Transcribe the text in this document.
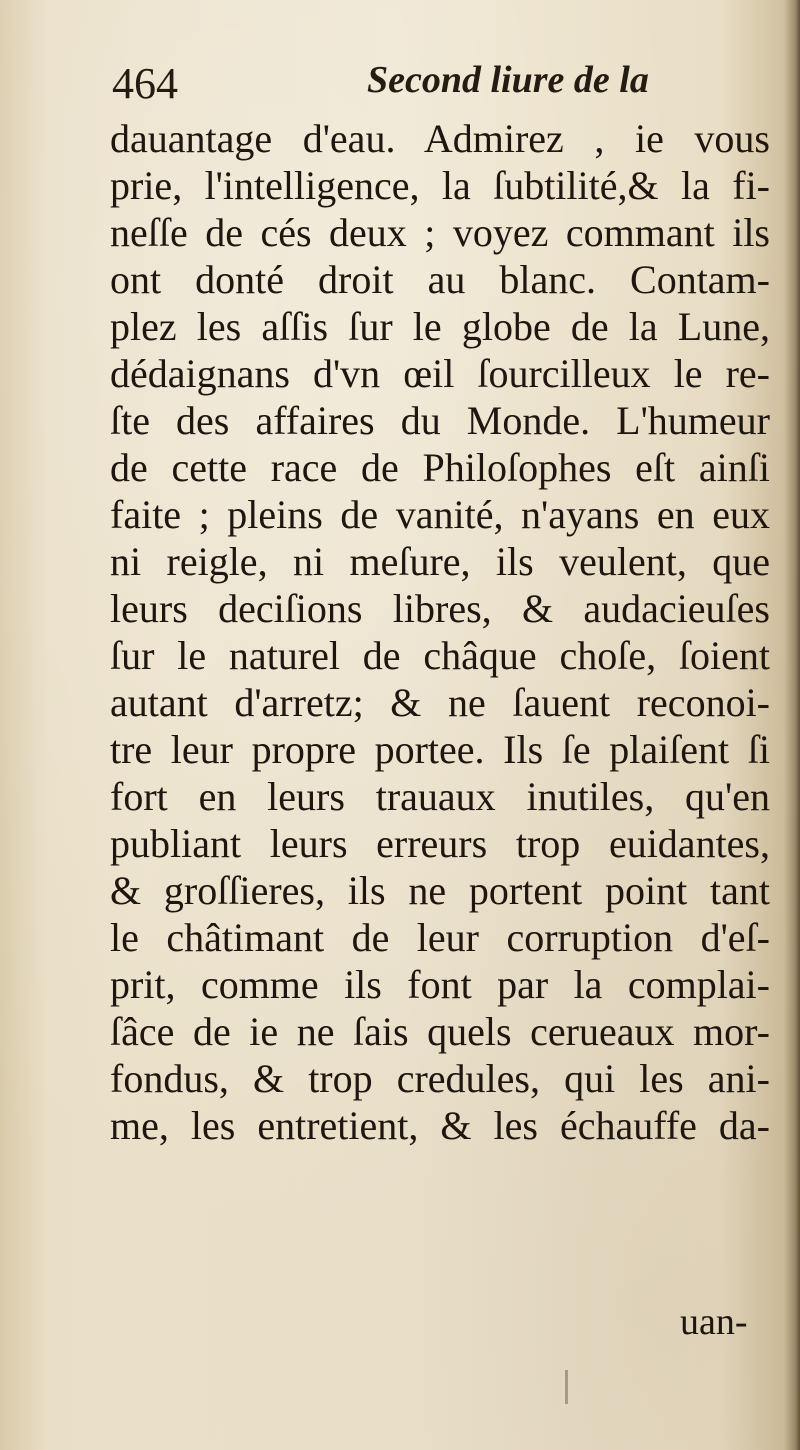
464	Second liure de la
dauantage d'eau. Admirez , ie vous
prie, l'intelligence, la ſubtilité,& la fi-
neſſe de cés deux ; voyez commant ils
ont donté droit au blanc. Contam-
plez les aſſis ſur le globe de la Lune,
dédaignans d'vn œil ſourcilleux le re-
ſte des affaires du Monde. L'humeur
de cette race de Philoſophes eſt ainſi
faite ; pleins de vanité, n'ayans en eux
ni reigle, ni meſure, ils veulent, que
leurs deciſions libres, & audacieuſes
ſur le naturel de châque choſe, ſoient
autant d'arretz; & ne ſauent reconoi-
tre leur propre portee. Ils ſe plaiſent ſi
fort en leurs trauaux inutiles, qu'en
publiant leurs erreurs trop euidantes,
& groſſieres, ils ne portent point tant
le châtimant de leur corruption d'eſ-
prit, comme ils font par la complai-
ſâce de ie ne ſais quels cerueaux mor-
fondus, & trop credules, qui les ani-
me, les entretient, & les échauffe da-
uan-
